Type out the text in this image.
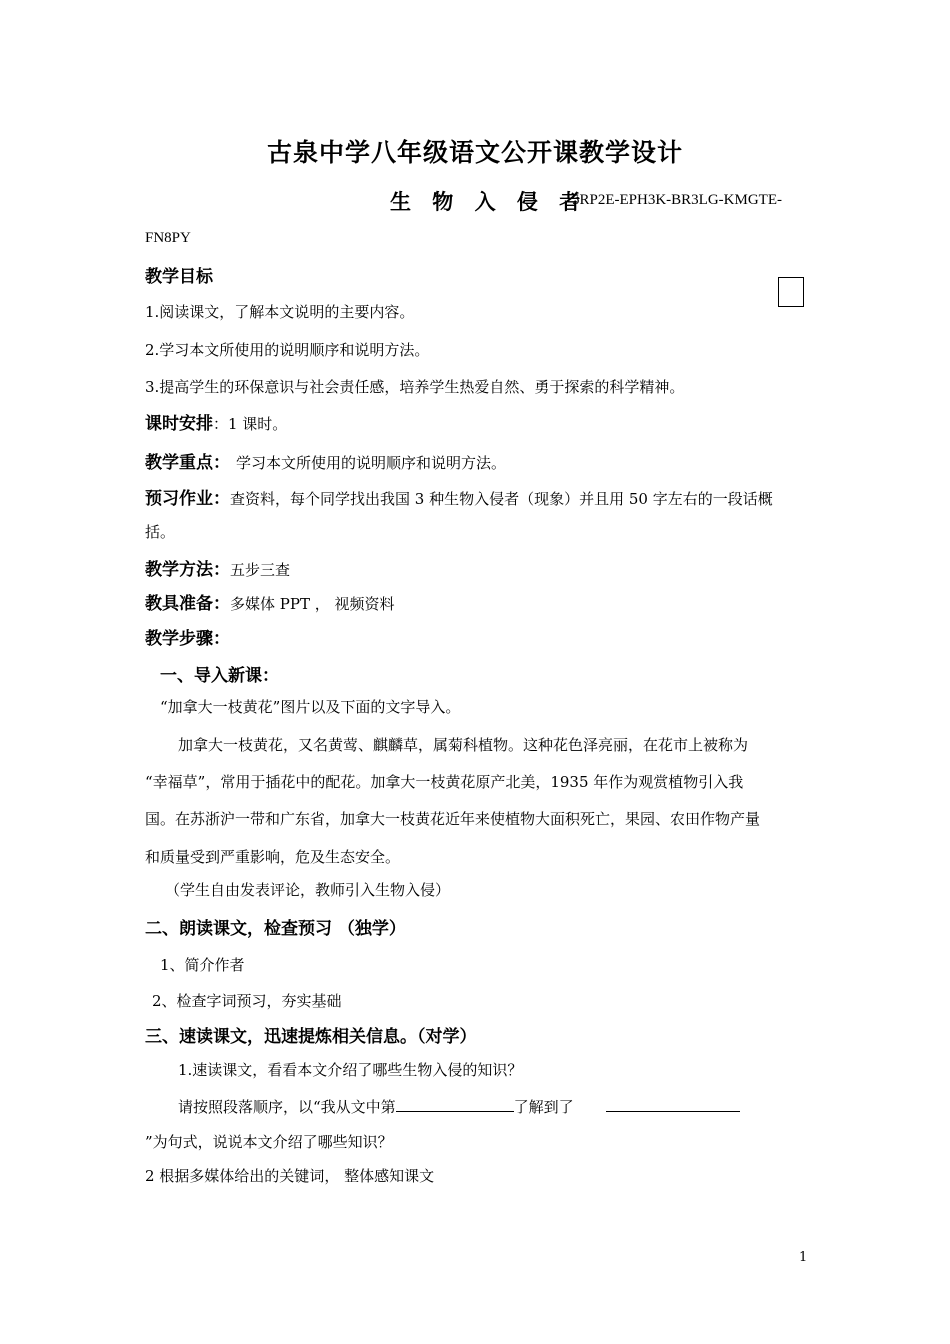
古泉中学八年级语文公开课教学设计
生 物 入 侵 者
5RP2E-EPH3K-BR3LG-KMGTE-
FN8PY
教学目标
1.阅读课文，了解本文说明的主要内容。
2.学习本文所使用的说明顺序和说明方法。
3.提高学生的环保意识与社会责任感，培养学生热爱自然、勇于探索的科学精神。
课时安排 ：1 课时。
教学重点： 学习本文所使用的说明顺序和说明方法。
预习作业： 查资料，每个同学找出我国 3 种生物入侵者（现象）并且用 50 字左右的一段话概
括。
教学方法： 五步三查
教具准备： 多媒体 PPT ， 视频资料
教学步骤：
一、导入新课：
“加拿大一枝黄花”图片以及下面的文字导入。
加拿大一枝黄花，又名黄莺、麒麟草，属菊科植物。这种花色泽亮丽，在花市上被称为
“幸福草”，常用于插花中的配花。加拿大一枝黄花原产北美，1935 年作为观赏植物引入我
国。在苏浙沪一带和广东省，加拿大一枝黄花近年来使植物大面积死亡，果园、农田作物产量
和质量受到严重影响，危及生态安全。
（学生自由发表评论，教师引入生物入侵）
二、朗读课文，检查预习 （独学）
1、简介作者
2、检查字词预习，夯实基础
三、速读课文，迅速提炼相关信息。（对学）
1.速读课文，看看本文介绍了哪些生物入侵的知识？
请按照段落顺序，以“我从文中第	了解到了
”为句式，说说本文介绍了哪些知识？
2 根据多媒体给出的关键词， 整体感知课文
1
